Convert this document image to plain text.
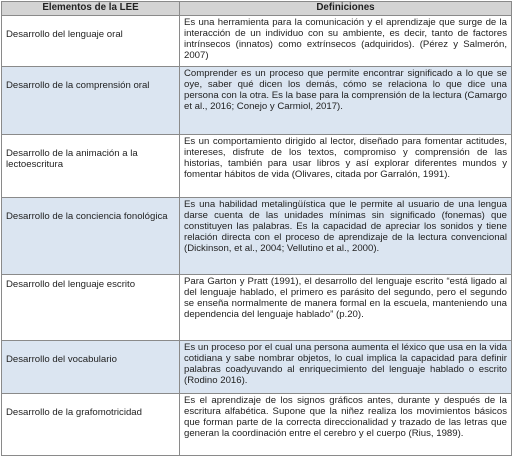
Elementos de la LEE	Definiciones

Desarrollo del lenguaje oral	Es una herramienta para la comunicación y el aprendizaje que surge de la interacción de un individuo con su ambiente, es decir, tanto de factores intrínsecos (innatos) como extrínsecos (adquiridos). (Pérez y Salmerón, 2007)

Desarrollo de la comprensión oral	Comprender es un proceso que permite encontrar significado a lo que se oye, saber qué dicen los demás, cómo se relaciona lo que dice una persona con la otra. Es la base para la comprensión de la lectura (Camargo et al., 2016; Conejo y Carmiol, 2017).

Desarrollo de la animación a la lectoescritura	Es un comportamiento dirigido al lector, diseñado para fomentar actitudes, intereses, disfrute de los textos, compromiso y comprensión de las historias, también para usar libros y así explorar diferentes mundos y fomentar hábitos de vida (Olivares, citada por Garralón, 1991).

Desarrollo de la conciencia fonológica	Es una habilidad metalingüística que le permite al usuario de una lengua darse cuenta de las unidades mínimas sin significado (fonemas) que constituyen las palabras. Es la capacidad de apreciar los sonidos y tiene relación directa con el proceso de aprendizaje de la lectura convencional (Dickinson, et al., 2004; Vellutino et al., 2000).

Desarrollo del lenguaje escrito	Para Garton y Pratt (1991), el desarrollo del lenguaje escrito “está ligado al del lenguaje hablado, el primero es parásito del segundo, pero el segundo se enseña normalmente de manera formal en la escuela, manteniendo una dependencia del lenguaje hablado” (p.20).

Desarrollo del vocabulario	Es un proceso por el cual una persona aumenta el léxico que usa en la vida cotidiana y sabe nombrar objetos, lo cual implica la capacidad para definir palabras coadyuvando al enriquecimiento del lenguaje hablado o escrito (Rodino 2016).

Desarrollo de la grafomotricidad	Es el aprendizaje de los signos gráficos antes, durante y después de la escritura alfabética. Supone que la niñez realiza los movimientos básicos que forman parte de la correcta direccionalidad y trazado de las letras que generan la coordinación entre el cerebro y el cuerpo (Rius, 1989).
